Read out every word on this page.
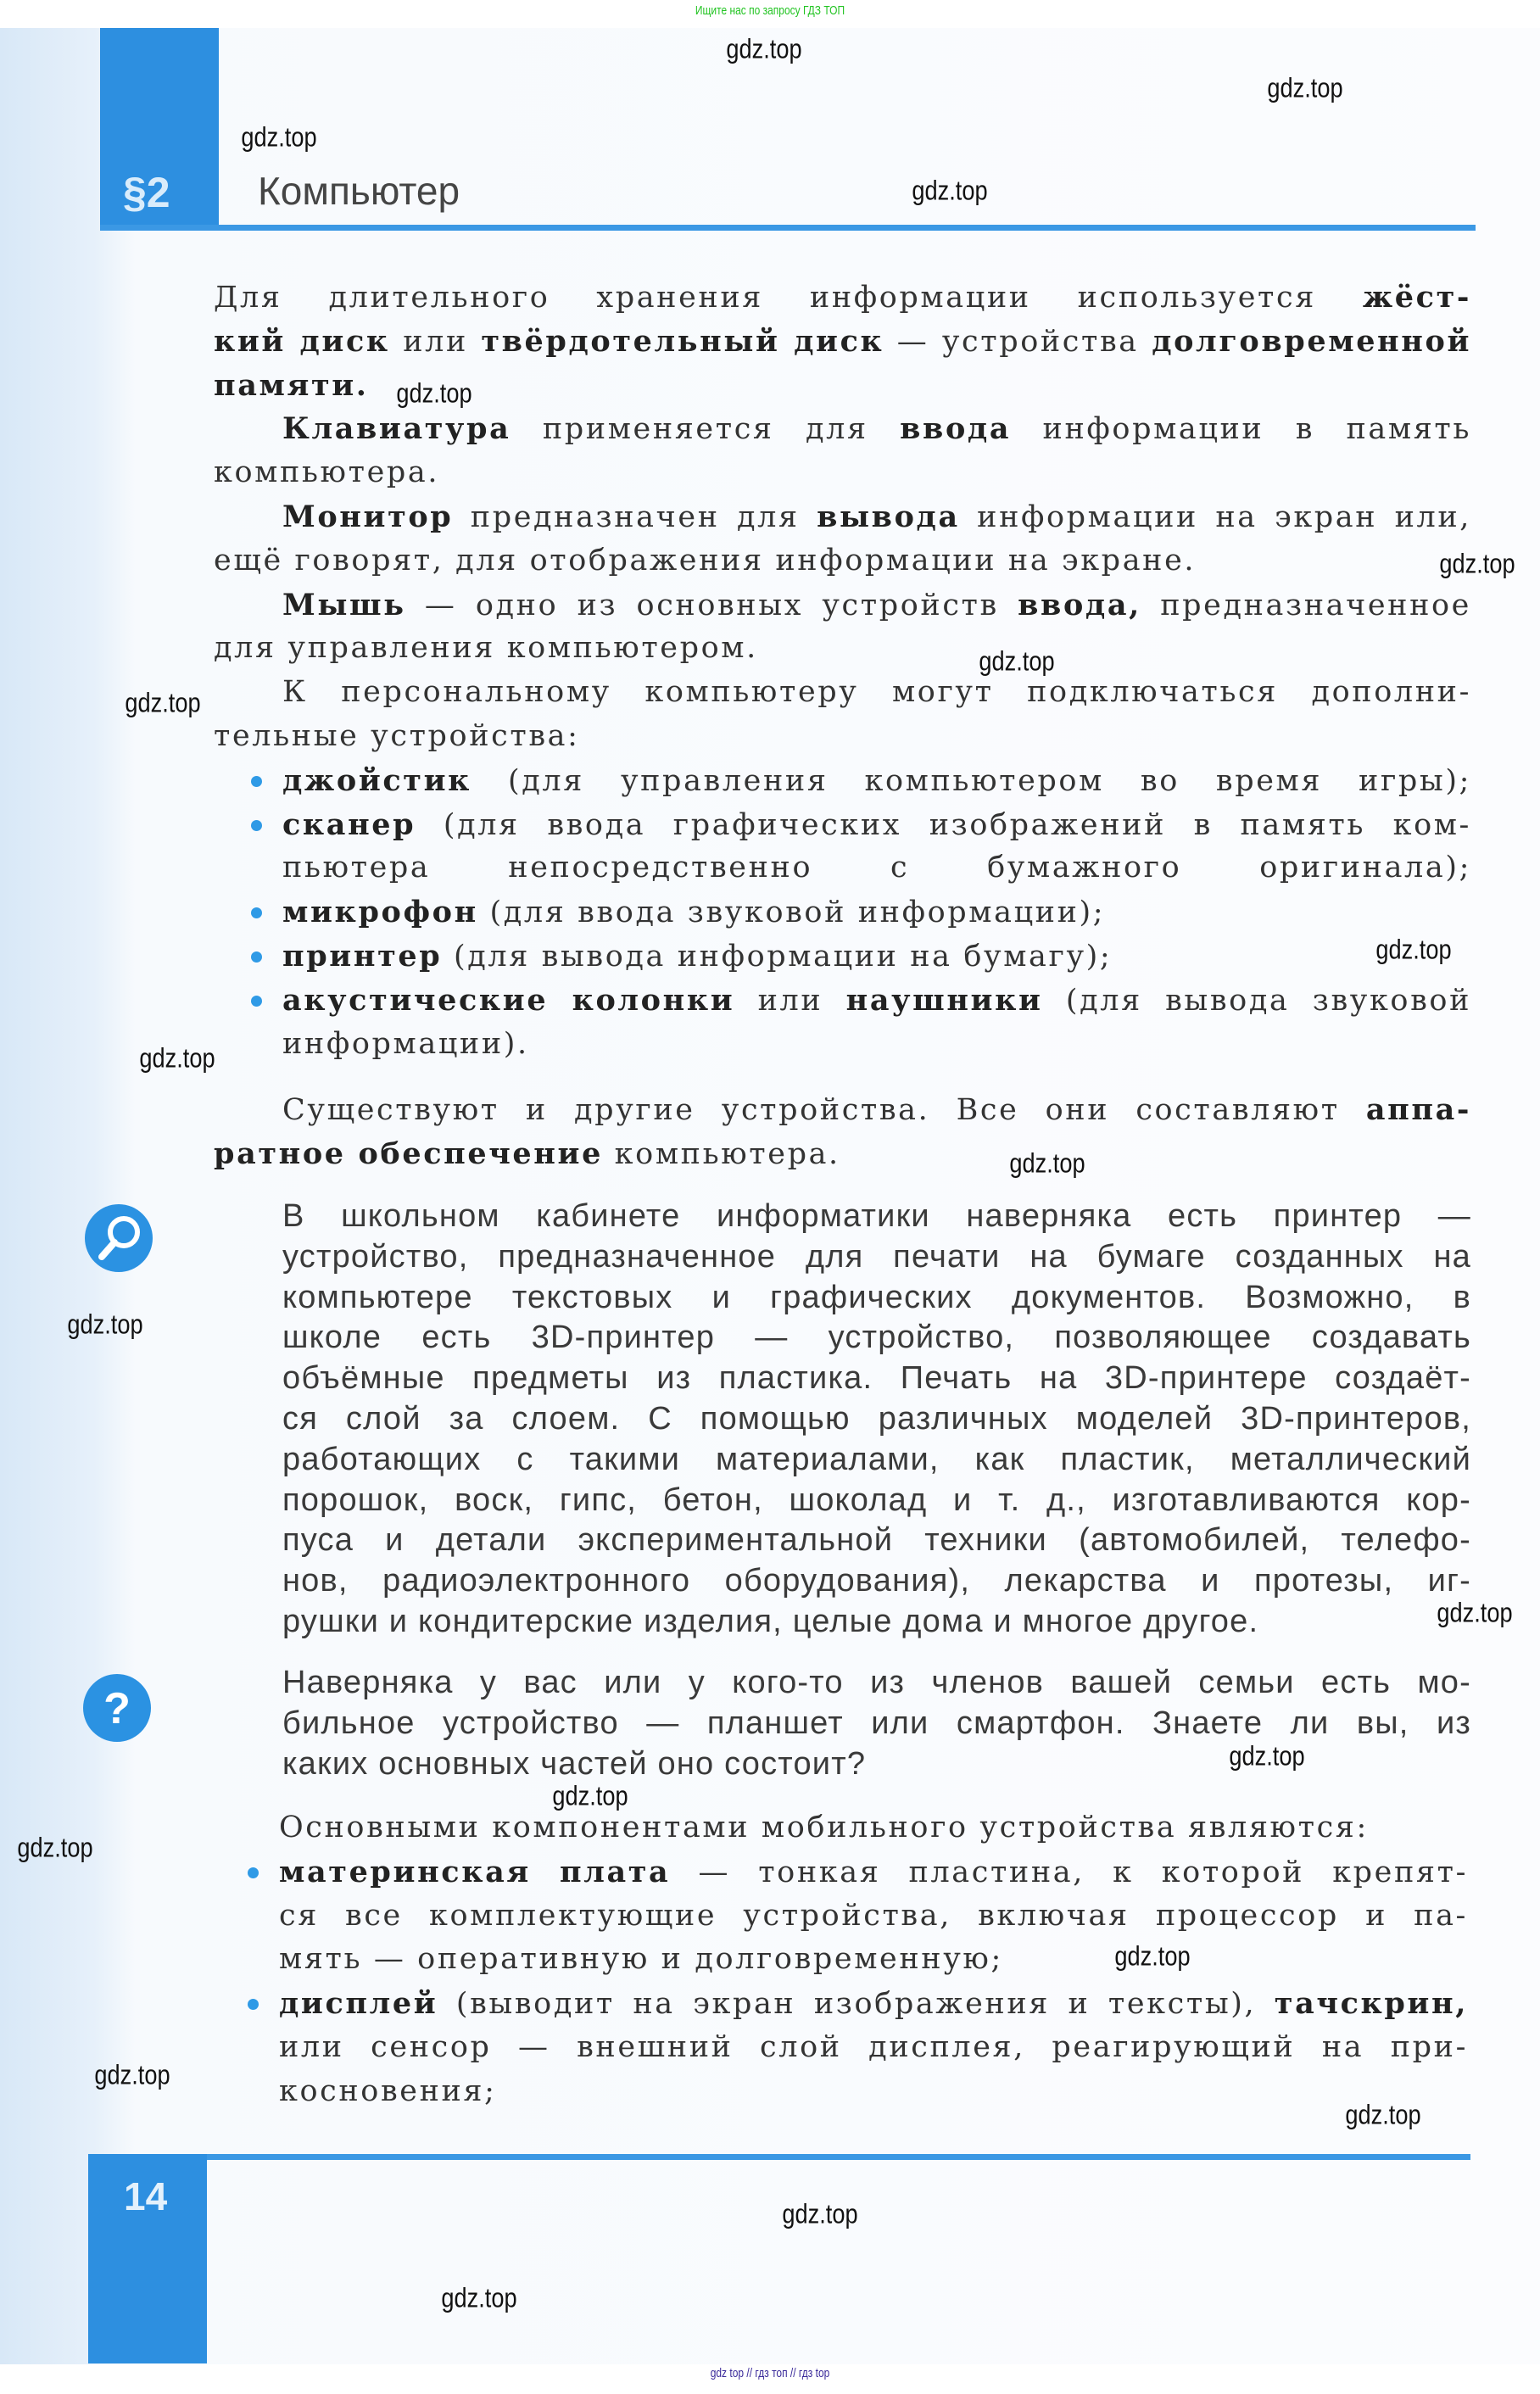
Ищите нас по запросу ГДЗ ТОП
§2 Компьютер
Для длительного хранения информации используется жёст-
кий диск или твёрдотельный диск — устройства долговременной
памяти.
Клавиатура применяется для ввода информации в память
компьютера.
Монитор предназначен для вывода информации на экран или,
ещё говорят, для отображения информации на экране.
Мышь — одно из основных устройств ввода, предназначенное
для управления компьютером.
К персональному компьютеру могут подключаться дополни-
тельные устройства:
джойстик (для управления компьютером во время игры);
сканер (для ввода графических изображений в память ком-
пьютера непосредственно с бумажного оригинала);
микрофон (для ввода звуковой информации);
принтер (для вывода информации на бумагу);
акустические колонки или наушники (для вывода звуковой
информации).
Существуют и другие устройства. Все они составляют аппа-
ратное обеспечение компьютера.
В школьном кабинете информатики наверняка есть принтер —
устройство, предназначенное для печати на бумаге созданных на
компьютере текстовых и графических документов. Возможно, в
школе есть 3D-принтер — устройство, позволяющее создавать
объёмные предметы из пластика. Печать на 3D-принтере создаёт-
ся слой за слоем. С помощью различных моделей 3D-принтеров,
работающих с такими материалами, как пластик, металлический
порошок, воск, гипс, бетон, шоколад и т. д., изготавливаются кор-
пуса и детали экспериментальной техники (автомобилей, телефо-
нов, радиоэлектронного оборудования), лекарства и протезы, иг-
рушки и кондитерские изделия, целые дома и многое другое.
Наверняка у вас или у кого-то из членов вашей семьи есть мо-
бильное устройство — планшет или смартфон. Знаете ли вы, из
каких основных частей оно состоит?
Основными компонентами мобильного устройства являются:
материнская плата — тонкая пластина, к которой крепят-
ся все комплектующие устройства, включая процессор и па-
мять — оперативную и долговременную;
дисплей (выводит на экран изображения и тексты), тачскрин,
или сенсор — внешний слой дисплея, реагирующий на при-
косновения;
?
14
gdz.top
gdz.top
gdz.top
gdz.top
gdz.top
gdz.top
gdz.top
gdz.top
gdz.top
gdz.top
gdz.top
gdz.top
gdz.top
gdz.top
gdz.top
gdz.top
gdz.top
gdz.top
gdz.top
gdz.top
gdz.top
gdz top // гдз топ // гдз top
